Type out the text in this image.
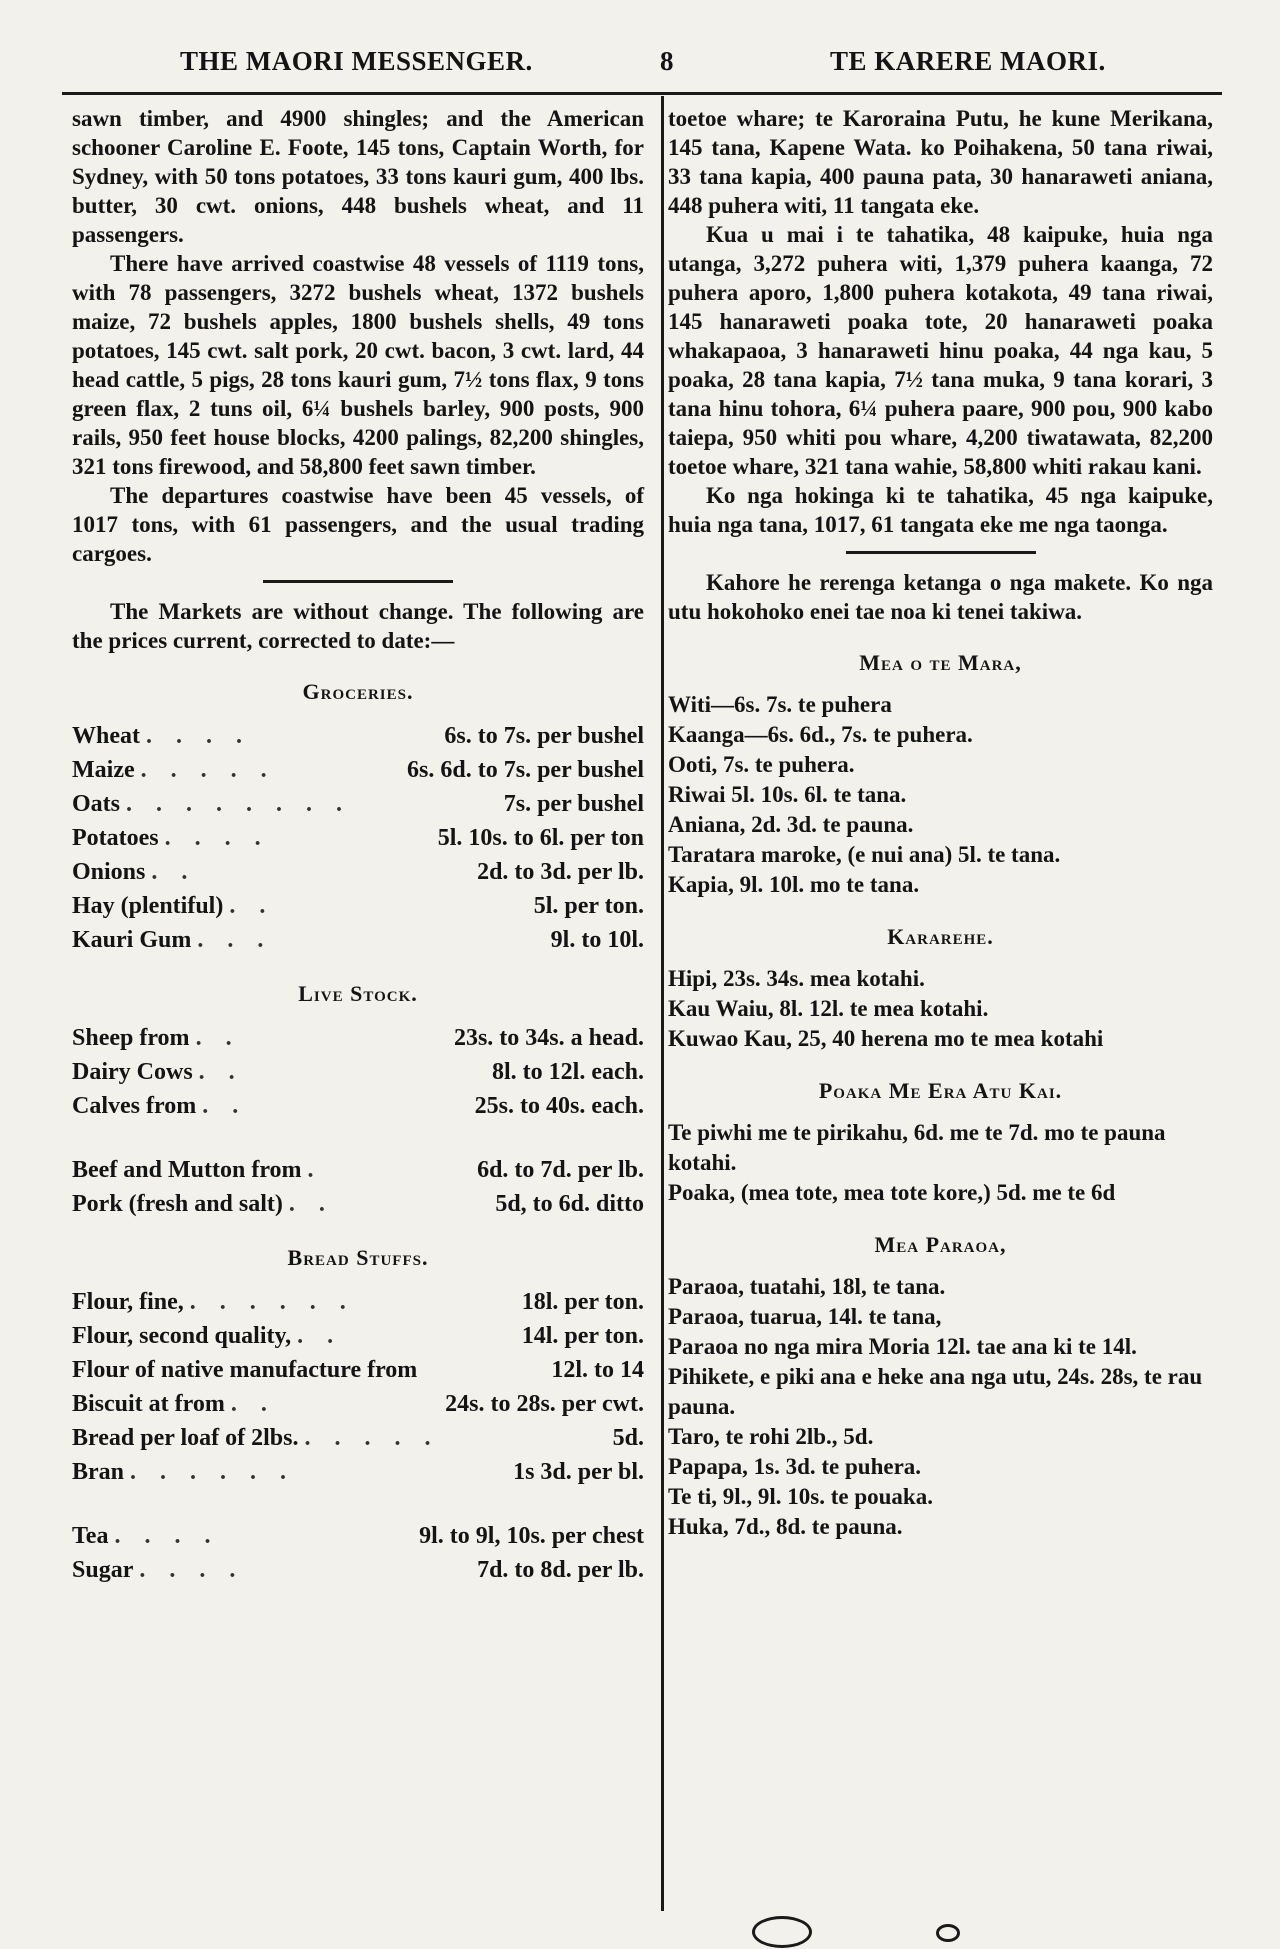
THE MAORI MESSENGER.	8	TE KARERE MAORI.

sawn timber, and 4900 shingles; and the American schooner Caroline E. Foote, 145 tons, Captain Worth, for Sydney, with 50 tons potatoes, 33 tons kauri gum, 400 lbs. butter, 30 cwt. onions, 448 bushels wheat, and 11 passengers.

There have arrived coastwise 48 vessels of 1119 tons, with 78 passengers, 3272 bushels wheat, 1372 bushels maize, 72 bushels apples, 1800 bushels shells, 49 tons potatoes, 145 cwt. salt pork, 20 cwt. bacon, 3 cwt. lard, 44 head cattle, 5 pigs, 28 tons kauri gum, 7½ tons flax, 9 tons green flax, 2 tuns oil, 6¼ bushels barley, 900 posts, 900 rails, 950 feet house blocks, 4200 palings, 82,200 shingles, 321 tons firewood, and 58,800 feet sawn timber.

The departures coastwise have been 45 vessels, of 1017 tons, with 61 passengers, and the usual trading cargoes.

The Markets are without change. The following are the prices current, corrected to date:—

Groceries.
Wheat . . . .	6s. to 7s. per bushel
Maize . . . . .	6s. 6d. to 7s. per bushel
Oats . . . . . . . .	7s. per bushel
Potatoes . . . .	5l. 10s. to 6l. per ton
Onions . .	2d. to 3d. per lb.
Hay (plentiful) . .	5l. per ton.
Kauri Gum . . .	9l. to 10l.
Live Stock.
Sheep from . .	23s. to 34s. a head.
Dairy Cows . .	8l. to 12l. each.
Calves from . .	25s. to 40s. each.
Beef and Mutton from .	6d. to 7d. per lb.
Pork (fresh and salt) . .	5d, to 6d. ditto
Bread Stuffs.
Flour, fine, . . . . . .	18l. per ton.
Flour, second quality, . .	14l. per ton.
Flour of native manufacture from	12l. to 14
Biscuit at from . .	24s. to 28s. per cwt.
Bread per loaf of 2lbs. . . . . .	5d.
Bran . . . . . .	1s 3d. per bl.
Tea . . . .	9l. to 9l, 10s. per chest
Sugar . . . .	7d. to 8d. per lb.

toetoe whare; te Karoraina Putu, he kune Merikana, 145 tana, Kapene Wata. ko Poihakena, 50 tana riwai, 33 tana kapia, 400 pauna pata, 30 hanaraweti aniana, 448 puhera witi, 11 tangata eke.

Kua u mai i te tahatika, 48 kaipuke, huia nga utanga, 3,272 puhera witi, 1,379 puhera kaanga, 72 puhera aporo, 1,800 puhera kotakota, 49 tana riwai, 145 hanaraweti poaka tote, 20 hanaraweti poaka whakapaoa, 3 hanaraweti hinu poaka, 44 nga kau, 5 poaka, 28 tana kapia, 7½ tana muka, 9 tana korari, 3 tana hinu tohora, 6¼ puhera paare, 900 pou, 900 kabo taiepa, 950 whiti pou whare, 4,200 tiwatawata, 82,200 toetoe whare, 321 tana wahie, 58,800 whiti rakau kani.

Ko nga hokinga ki te tahatika, 45 nga kaipuke, huia nga tana, 1017, 61 tangata eke me nga taonga.

Kahore he rerenga ketanga o nga makete. Ko nga utu hokohoko enei tae noa ki tenei takiwa.

Mea o te Mara,
Witi—6s. 7s. te puhera
Kaanga—6s. 6d., 7s. te puhera.
Ooti, 7s. te puhera.
Riwai 5l. 10s. 6l. te tana.
Aniana, 2d. 3d. te pauna.
Taratara maroke, (e nui ana) 5l. te tana.
Kapia, 9l. 10l. mo te tana.
Kararehe.
Hipi, 23s. 34s. mea kotahi.
Kau Waiu, 8l. 12l. te mea kotahi.
Kuwao Kau, 25, 40 herena mo te mea kotahi
Poaka Me Era Atu Kai.
Te piwhi me te pirikahu, 6d. me te 7d. mo te pauna kotahi.
Poaka, (mea tote, mea tote kore,) 5d. me te 6d
Mea Paraoa,
Paraoa, tuatahi, 18l, te tana.
Paraoa, tuarua, 14l. te tana,
Paraoa no nga mira Moria 12l. tae ana ki te 14l.
Pihikete, e piki ana e heke ana nga utu, 24s. 28s, te rau pauna.
Taro, te rohi 2lb., 5d.
Papapa, 1s. 3d. te puhera.
Te ti, 9l., 9l. 10s. te pouaka.
Huka, 7d., 8d. te pauna.
